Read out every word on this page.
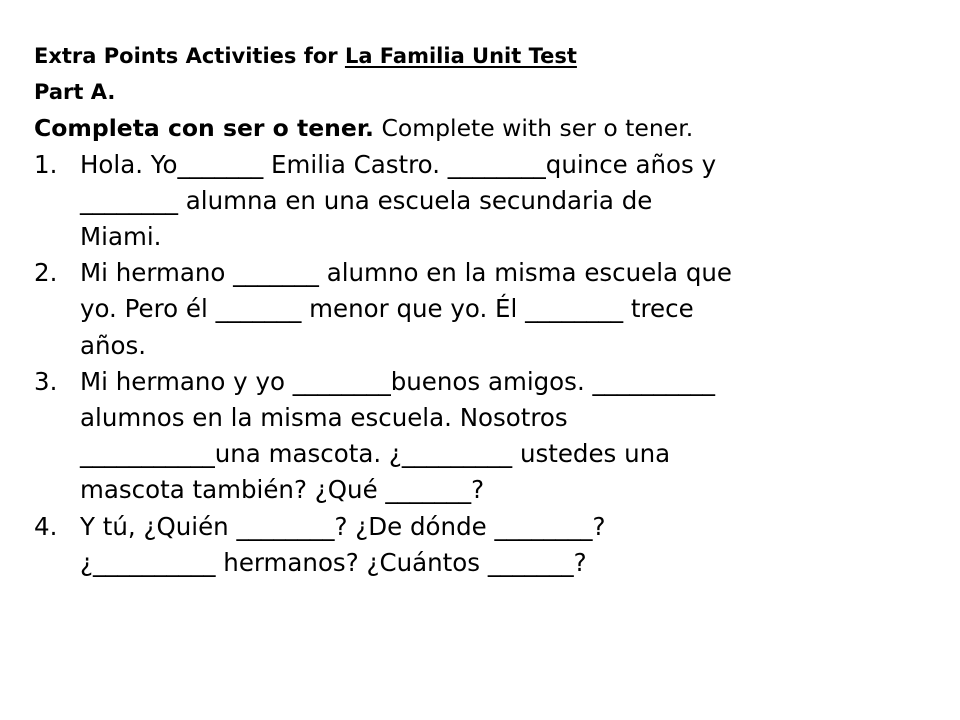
Extra Points Activities for La Familia Unit Test
Part A.
Completa con ser o tener. Complete with ser o tener.
1. Hola. Yo_______ Emilia Castro. ________quince años y
________ alumna en una escuela secundaria de
Miami.
2. Mi hermano _______ alumno en la misma escuela que
yo. Pero él _______ menor que yo. Él ________ trece
años.
3. Mi hermano y yo ________buenos amigos. __________
alumnos en la misma escuela. Nosotros
___________una mascota. ¿_________ ustedes una
mascota también? ¿Qué _______?
4. Y tú, ¿Quién ________? ¿De dónde ________?
¿__________ hermanos? ¿Cuántos _______?
